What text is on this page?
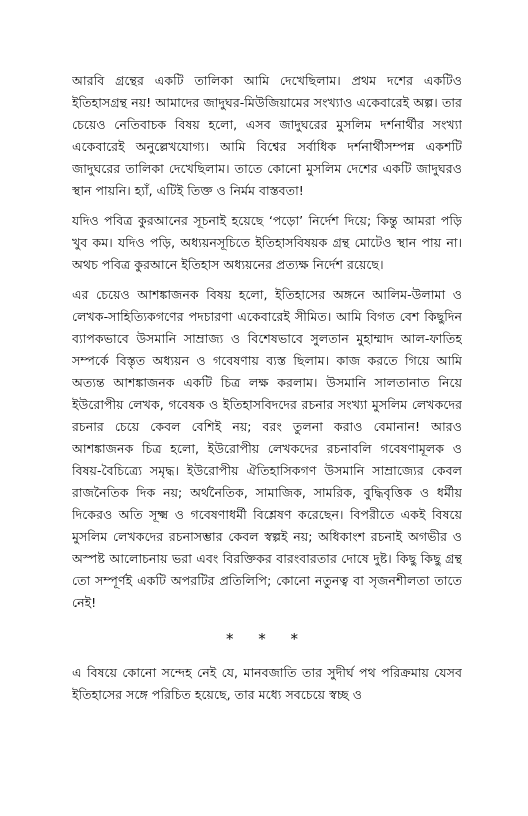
আরবি গ্রন্থের একটি তালিকা আমি দেখেছিলাম। প্রথম দশের একটিও ইতিহাসগ্রন্থ নয়! আমাদের জাদুঘর-মিউজিয়ামের সংখ্যাও একেবারেই অল্প। তার চেয়েও নেতিবাচক বিষয় হলো, এসব জাদুঘরের মুসলিম দর্শনার্থীর সংখ্যা একেবারেই অনুল্লেখযোগ্য। আমি বিশ্বের সর্বাধিক দর্শনার্থীসম্পন্ন একশটি জাদুঘরের তালিকা দেখেছিলাম। তাতে কোনো মুসলিম দেশের একটি জাদুঘরও স্থান পায়নি। হ্যাঁ, এটিই তিক্ত ও নির্মম বাস্তবতা!

যদিও পবিত্র কুরআনের সূচনাই হয়েছে ‘পড়ো’ নির্দেশ দিয়ে; কিন্তু আমরা পড়ি খুব কম। যদিও পড়ি, অধ্যয়নসূচিতে ইতিহাসবিষয়ক গ্রন্থ মোটেও স্থান পায় না। অথচ পবিত্র কুরআনে ইতিহাস অধ্যয়নের প্রত্যক্ষ নির্দেশ রয়েছে।

এর চেয়েও আশঙ্কাজনক বিষয় হলো, ইতিহাসের অঙ্গনে আলিম-উলামা ও লেখক-সাহিত্যিকগণের পদচারণা একেবারেই সীমিত। আমি বিগত বেশ কিছুদিন ব্যাপকভাবে উসমানি সাম্রাজ্য ও বিশেষভাবে সুলতান মুহাম্মাদ আল-ফাতিহ সম্পর্কে বিস্তৃত অধ্যয়ন ও গবেষণায় ব্যস্ত ছিলাম। কাজ করতে গিয়ে আমি অত্যন্ত আশঙ্কাজনক একটি চিত্র লক্ষ করলাম। উসমানি সালতানাত নিয়ে ইউরোপীয় লেখক, গবেষক ও ইতিহাসবিদদের রচনার সংখ্যা মুসলিম লেখকদের রচনার চেয়ে কেবল বেশিই নয়; বরং তুলনা করাও বেমানান! আরও আশঙ্কাজনক চিত্র হলো, ইউরোপীয় লেখকদের রচনাবলি গবেষণামূলক ও বিষয়-বৈচিত্র্যে সমৃদ্ধ। ইউরোপীয় ঐতিহাসিকগণ উসমানি সাম্রাজ্যের কেবল রাজনৈতিক দিক নয়; অর্থনৈতিক, সামাজিক, সামরিক, বুদ্ধিবৃত্তিক ও ধর্মীয় দিকেরও অতি সূক্ষ্ম ও গবেষণাধর্মী বিশ্লেষণ করেছেন। বিপরীতে একই বিষয়ে মুসলিম লেখকদের রচনাসম্ভার কেবল স্বল্পই নয়; অধিকাংশ রচনাই অগভীর ও অস্পষ্ট আলোচনায় ভরা এবং বিরক্তিকর বারংবারতার দোষে দুষ্ট। কিছু কিছু গ্রন্থ তো সম্পূর্ণই একটি অপরটির প্রতিলিপি; কোনো নতুনত্ব বা সৃজনশীলতা তাতে নেই!

* * *

এ বিষয়ে কোনো সন্দেহ নেই যে, মানবজাতি তার সুদীর্ঘ পথ পরিক্রমায় যেসব ইতিহাসের সঙ্গে পরিচিত হয়েছে, তার মধ্যে সবচেয়ে স্বচ্ছ ও
